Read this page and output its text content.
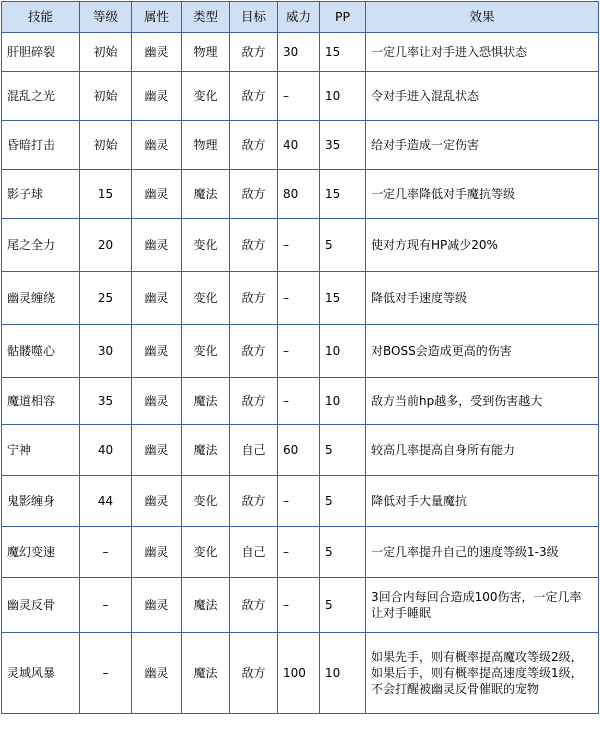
技能	等级	属性	类型	目标	威力	PP	效果
肝胆碎裂	初始	幽灵	物理	敌方	30	15	一定几率让对手进入恐惧状态
混乱之光	初始	幽灵	变化	敌方	–	10	令对手进入混乱状态
昏暗打击	初始	幽灵	物理	敌方	40	35	给对手造成一定伤害
影子球	15	幽灵	魔法	敌方	80	15	一定几率降低对手魔抗等级
尾之全力	20	幽灵	变化	敌方	–	5	使对方现有HP减少20%
幽灵缠绕	25	幽灵	变化	敌方	–	15	降低对手速度等级
骷髅噬心	30	幽灵	变化	敌方	–	10	对BOSS会造成更高的伤害
魔道相容	35	幽灵	魔法	敌方	–	10	敌方当前hp越多，受到伤害越大
宁神	40	幽灵	魔法	自己	60	5	较高几率提高自身所有能力
鬼影缠身	44	幽灵	变化	敌方	–	5	降低对手大量魔抗
魔幻变速	–	幽灵	变化	自己	–	5	一定几率提升自己的速度等级1-3级
幽灵反骨	–	幽灵	魔法	敌方	–	5	3回合内每回合造成100伤害，一定几率让对手睡眠
灵域风暴	–	幽灵	魔法	敌方	100	10	如果先手，则有概率提高魔攻等级2级，如果后手，则有概率提高速度等级1级，不会打醒被幽灵反骨催眠的宠物
